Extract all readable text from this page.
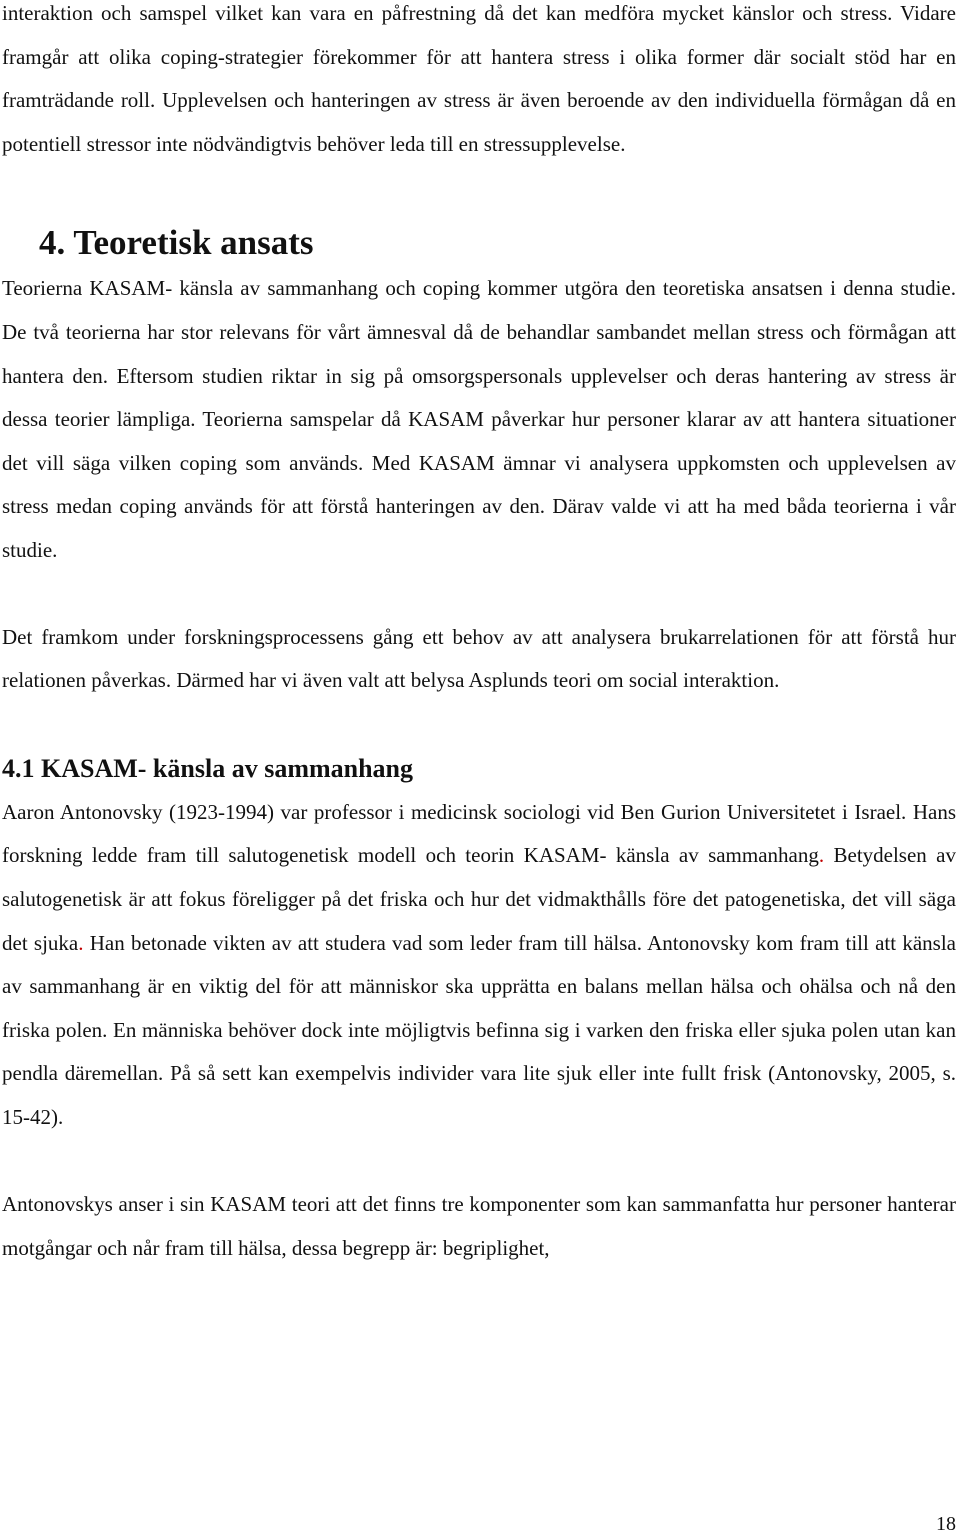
interaktion och samspel vilket kan vara en påfrestning då det kan medföra mycket känslor och stress. Vidare framgår att olika coping-strategier förekommer för att hantera stress i olika former där socialt stöd har en framträdande roll. Upplevelsen och hanteringen av stress är även beroende av den individuella förmågan då en potentiell stressor inte nödvändigtvis behöver leda till en stressupplevelse.

4. Teoretisk ansats

Teorierna KASAM- känsla av sammanhang och coping kommer utgöra den teoretiska ansatsen i denna studie. De två teorierna har stor relevans för vårt ämnesval då de behandlar sambandet mellan stress och förmågan att hantera den. Eftersom studien riktar in sig på omsorgspersonals upplevelser och deras hantering av stress är dessa teorier lämpliga. Teorierna samspelar då KASAM påverkar hur personer klarar av att hantera situationer det vill säga vilken coping som används. Med KASAM ämnar vi analysera uppkomsten och upplevelsen av stress medan coping används för att förstå hanteringen av den. Därav valde vi att ha med båda teorierna i vår studie.

Det framkom under forskningsprocessens gång ett behov av att analysera brukarrelationen för att förstå hur relationen påverkas. Därmed har vi även valt att belysa Asplunds teori om social interaktion.

4.1 KASAM- känsla av sammanhang

Aaron Antonovsky (1923-1994) var professor i medicinsk sociologi vid Ben Gurion Universitetet i Israel. Hans forskning ledde fram till salutogenetisk modell och teorin KASAM- känsla av sammanhang. Betydelsen av salutogenetisk är att fokus föreligger på det friska och hur det vidmakthålls före det patogenetiska, det vill säga det sjuka. Han betonade vikten av att studera vad som leder fram till hälsa. Antonovsky kom fram till att känsla av sammanhang är en viktig del för att människor ska upprätta en balans mellan hälsa och ohälsa och nå den friska polen. En människa behöver dock inte möjligtvis befinna sig i varken den friska eller sjuka polen utan kan pendla däremellan. På så sett kan exempelvis individer vara lite sjuk eller inte fullt frisk (Antonovsky, 2005, s. 15-42).

Antonovskys anser i sin KASAM teori att det finns tre komponenter som kan sammanfatta hur personer hanterar motgångar och når fram till hälsa, dessa begrepp är: begriplighet,

18
